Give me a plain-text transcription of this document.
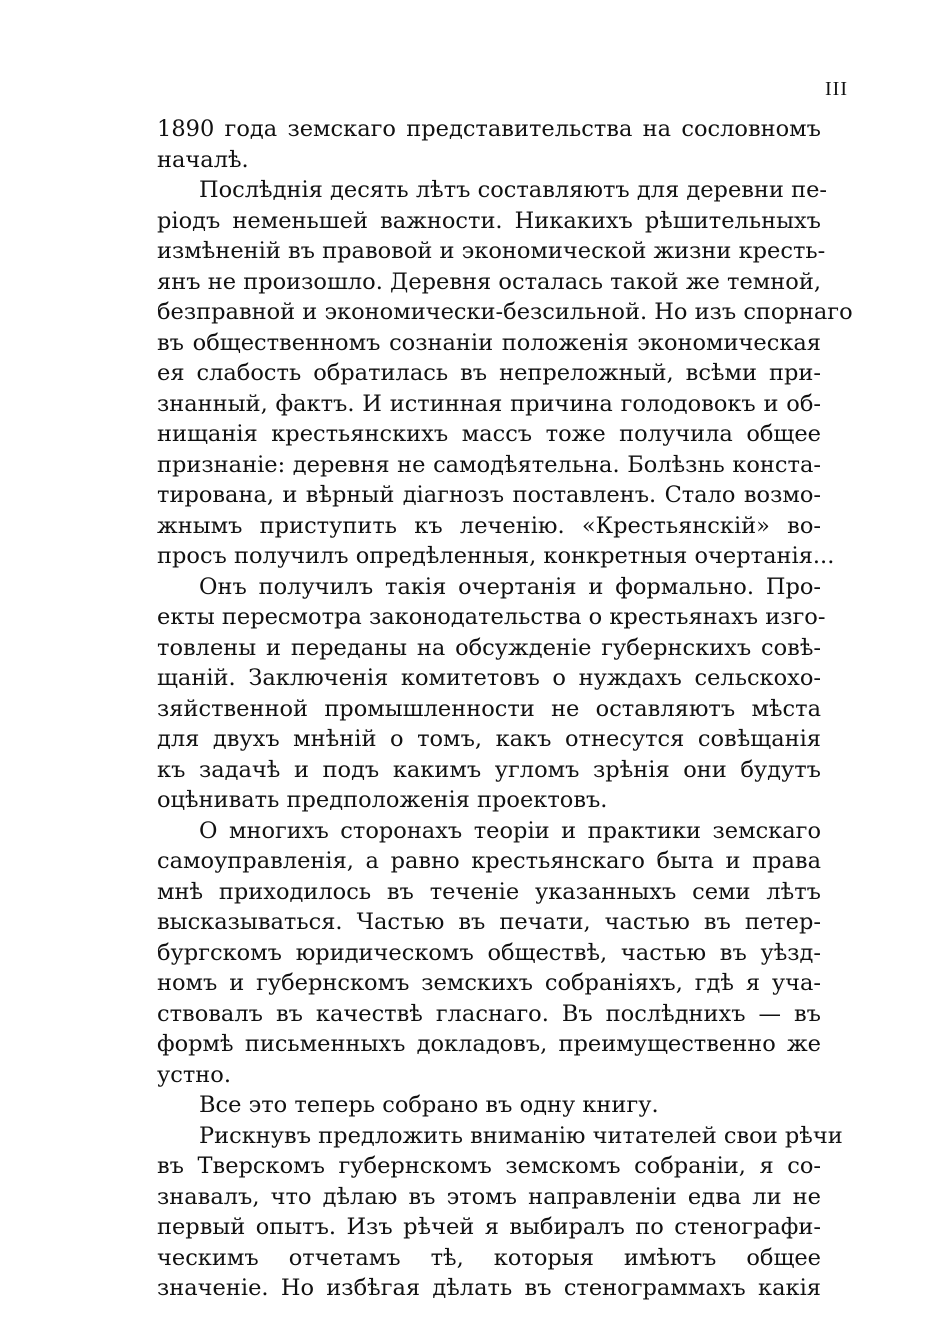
III
1890 года земскаго представительства на сословномъ
началѣ.
Послѣднія десять лѣтъ составляютъ для деревни пе-
ріодъ неменьшей важности. Никакихъ рѣшительныхъ
измѣненій въ правовой и экономической жизни кресть-
янъ не произошло. Деревня осталась такой же темной,
безправной и экономически-безсильной. Но изъ спорнаго
въ общественномъ сознаніи положенія экономическая
ея слабость обратилась въ непреложный, всѣми при-
знанный, фактъ. И истинная причина голодовокъ и об-
нищанія крестьянскихъ массъ тоже получила общее
признаніе: деревня не самодѣятельна. Болѣзнь конста-
тирована, и вѣрный діагнозъ поставленъ. Стало возмо-
жнымъ приступить къ леченію. «Крестьянскій» во-
просъ получилъ опредѣленныя, конкретныя очертанія...
Онъ получилъ такія очертанія и формально. Про-
екты пересмотра законодательства о крестьянахъ изго-
товлены и переданы на обсужденіе губернскихъ совѣ-
щаній. Заключенія комитетовъ о нуждахъ сельскохо-
зяйственной промышленности не оставляютъ мѣста
для двухъ мнѣній о томъ, какъ отнесутся совѣщанія
къ задачѣ и подъ какимъ угломъ зрѣнія они будутъ
оцѣнивать предположенія проектовъ.
О многихъ сторонахъ теоріи и практики земскаго
самоуправленія, а равно крестьянскаго быта и права
мнѣ приходилось въ теченіе указанныхъ семи лѣтъ
высказываться. Частью въ печати, частью въ петер-
бургскомъ юридическомъ обществѣ, частью въ уѣзд-
номъ и губернскомъ земскихъ собраніяхъ, гдѣ я уча-
ствовалъ въ качествѣ гласнаго. Въ послѣднихъ — въ
формѣ письменныхъ докладовъ, преимущественно же
устно.
Все это теперь собрано въ одну книгу.
Рискнувъ предложить вниманію читателей свои рѣчи
въ Тверскомъ губернскомъ земскомъ собраніи, я со-
знавалъ, что дѣлаю въ этомъ направленіи едва ли не
первый опытъ. Изъ рѣчей я выбиралъ по стенографи-
ческимъ отчетамъ тѣ, которыя имѣютъ общее
значеніе. Но избѣгая дѣлать въ стенограммахъ какія
